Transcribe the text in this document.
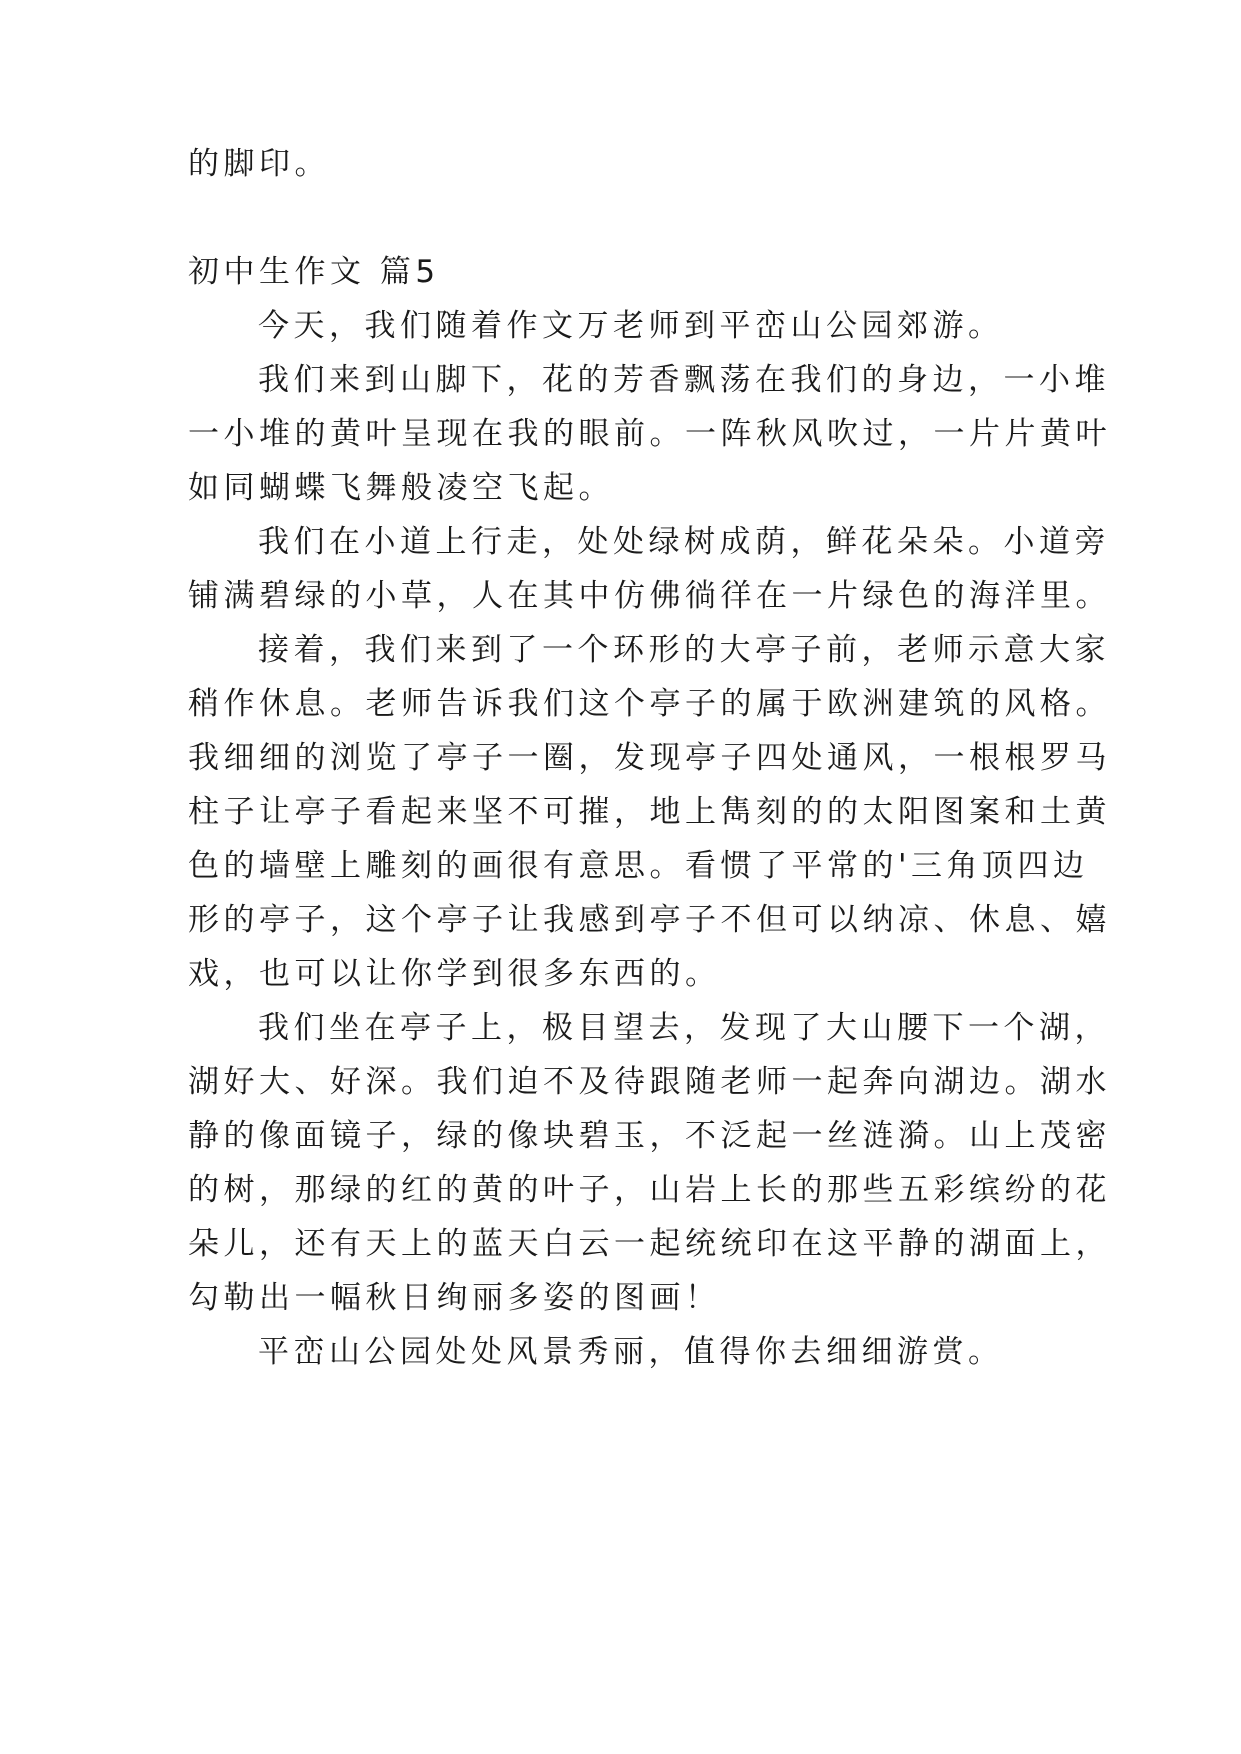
的脚印。
初中生作文 篇5
今天，我们随着作文万老师到平峦山公园郊游。
我们来到山脚下，花的芳香飘荡在我们的身边，一小堆
一小堆的黄叶呈现在我的眼前。一阵秋风吹过，一片片黄叶
如同蝴蝶飞舞般凌空飞起。
我们在小道上行走，处处绿树成荫，鲜花朵朵。小道旁
铺满碧绿的小草，人在其中仿佛徜徉在一片绿色的海洋里。
接着，我们来到了一个环形的大亭子前，老师示意大家
稍作休息。老师告诉我们这个亭子的属于欧洲建筑的风格。
我细细的浏览了亭子一圈，发现亭子四处通风，一根根罗马
柱子让亭子看起来坚不可摧，地上雋刻的的太阳图案和土黄
色的墙壁上雕刻的画很有意思。看惯了平常的'三角顶四边
形的亭子，这个亭子让我感到亭子不但可以纳凉、休息、嬉
戏，也可以让你学到很多东西的。
我们坐在亭子上，极目望去，发现了大山腰下一个湖，
湖好大、好深。我们迫不及待跟随老师一起奔向湖边。湖水
静的像面镜子，绿的像块碧玉，不泛起一丝涟漪。山上茂密
的树，那绿的红的黄的叶子，山岩上长的那些五彩缤纷的花
朵儿，还有天上的蓝天白云一起统统印在这平静的湖面上，
勾勒出一幅秋日绚丽多姿的图画！
平峦山公园处处风景秀丽，值得你去细细游赏。
